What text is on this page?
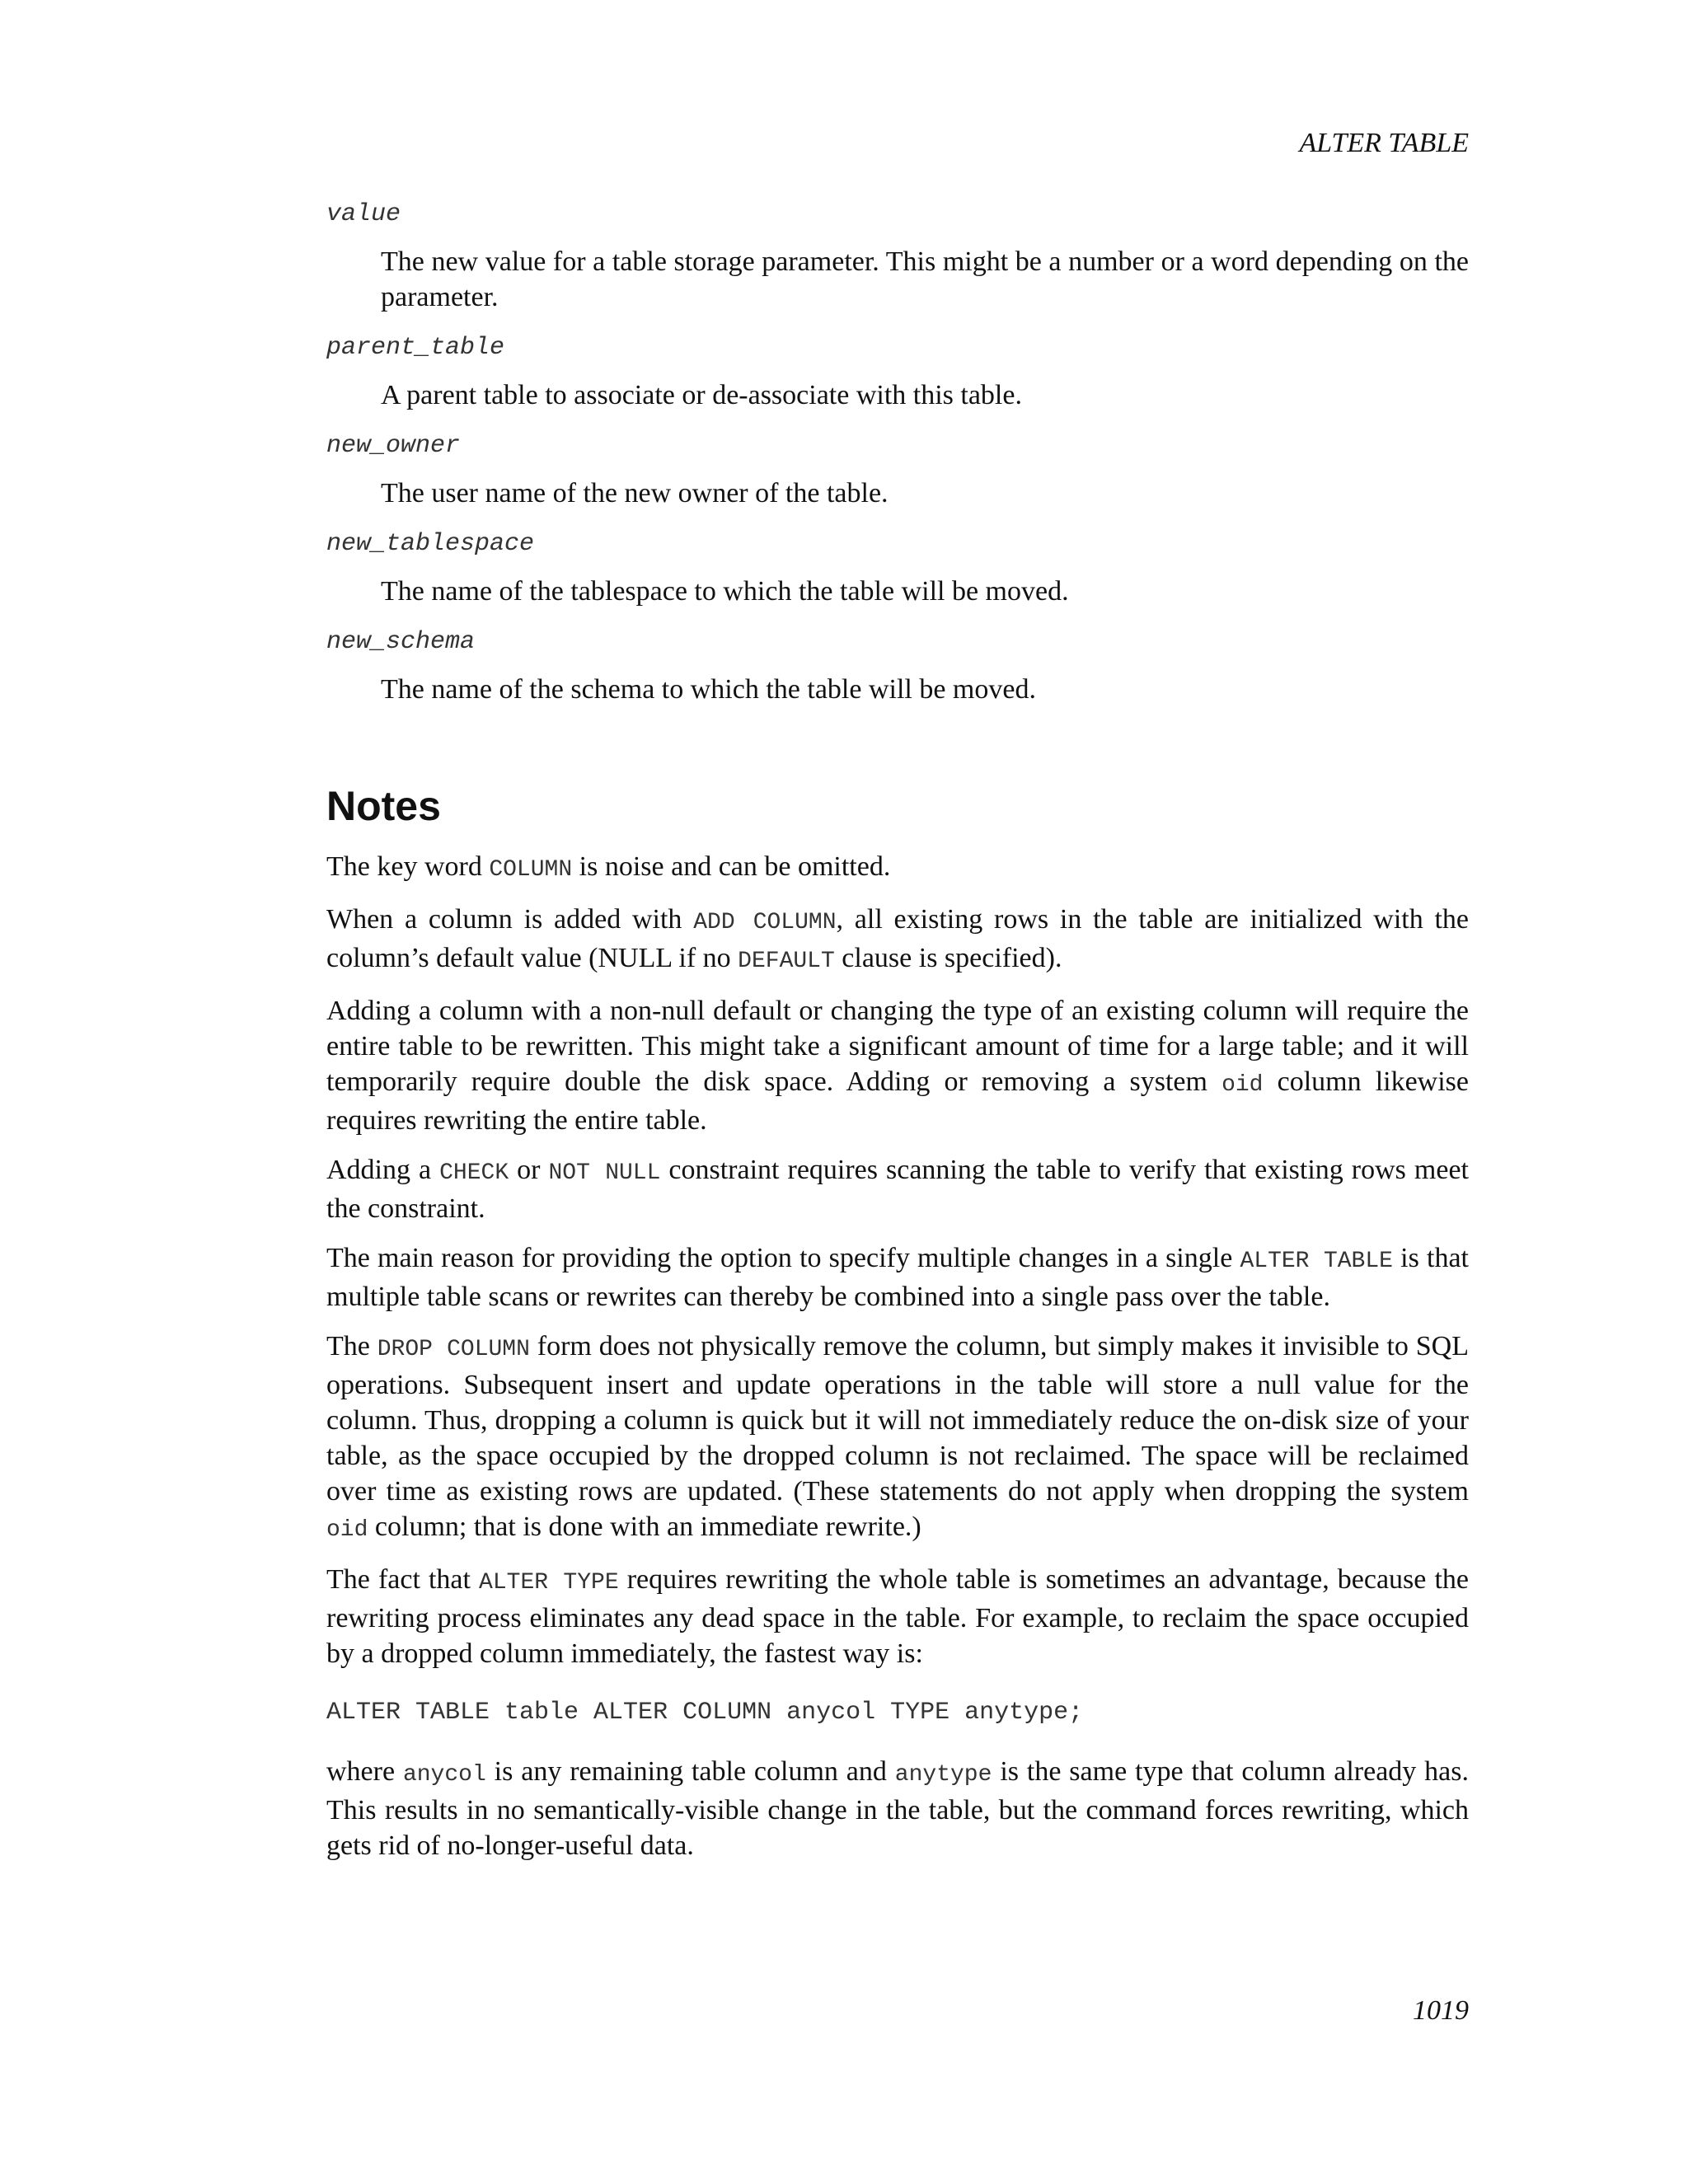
ALTER TABLE

value

The new value for a table storage parameter. This might be a number or a word depending on the parameter.

parent_table

A parent table to associate or de-associate with this table.

new_owner

The user name of the new owner of the table.

new_tablespace

The name of the tablespace to which the table will be moved.

new_schema

The name of the schema to which the table will be moved.

Notes

The key word COLUMN is noise and can be omitted.

When a column is added with ADD COLUMN, all existing rows in the table are initialized with the column’s default value (NULL if no DEFAULT clause is specified).

Adding a column with a non-null default or changing the type of an existing column will require the entire table to be rewritten. This might take a significant amount of time for a large table; and it will temporarily require double the disk space. Adding or removing a system oid column likewise requires rewriting the entire table.

Adding a CHECK or NOT NULL constraint requires scanning the table to verify that existing rows meet the constraint.

The main reason for providing the option to specify multiple changes in a single ALTER TABLE is that multiple table scans or rewrites can thereby be combined into a single pass over the table.

The DROP COLUMN form does not physically remove the column, but simply makes it invisible to SQL operations. Subsequent insert and update operations in the table will store a null value for the column. Thus, dropping a column is quick but it will not immediately reduce the on-disk size of your table, as the space occupied by the dropped column is not reclaimed. The space will be reclaimed over time as existing rows are updated. (These statements do not apply when dropping the system oid column; that is done with an immediate rewrite.)

The fact that ALTER TYPE requires rewriting the whole table is sometimes an advantage, because the rewriting process eliminates any dead space in the table. For example, to reclaim the space occupied by a dropped column immediately, the fastest way is:

ALTER TABLE table ALTER COLUMN anycol TYPE anytype;

where anycol is any remaining table column and anytype is the same type that column already has. This results in no semantically-visible change in the table, but the command forces rewriting, which gets rid of no-longer-useful data.

1019
